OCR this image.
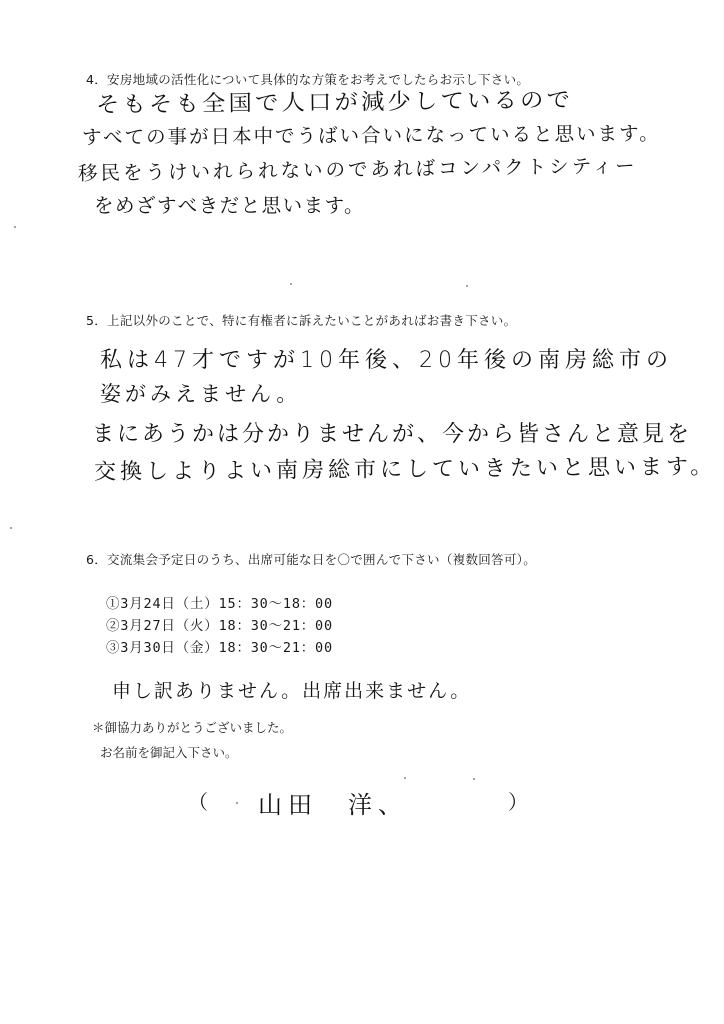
4．安房地域の活性化について具体的な方策をお考えでしたらお示し下さい。
そもそも全国で人口が減少しているので
すべての事が日本中でうばい合いになっていると思います。
移民をうけいれられないのであればコンパクトシティー
をめざすべきだと思います。
5．上記以外のことで、特に有権者に訴えたいことがあればお書き下さい。
私は47才ですが10年後、20年後の南房総市の
姿がみえません。
まにあうかは分かりませんが、今から皆さんと意見を
交換しよりよい南房総市にしていきたいと思います。
6．交流集会予定日のうち、出席可能な日を〇で囲んで下さい（複数回答可）。
①3月24日（土）15：30～18：00
②3月27日（火）18：30～21：00
③3月30日（金）18：30～21：00
申し訳ありません。出席出来ません。
＊御協力ありがとうございました。
お名前を御記入下さい。
（ 山田　洋、	）
